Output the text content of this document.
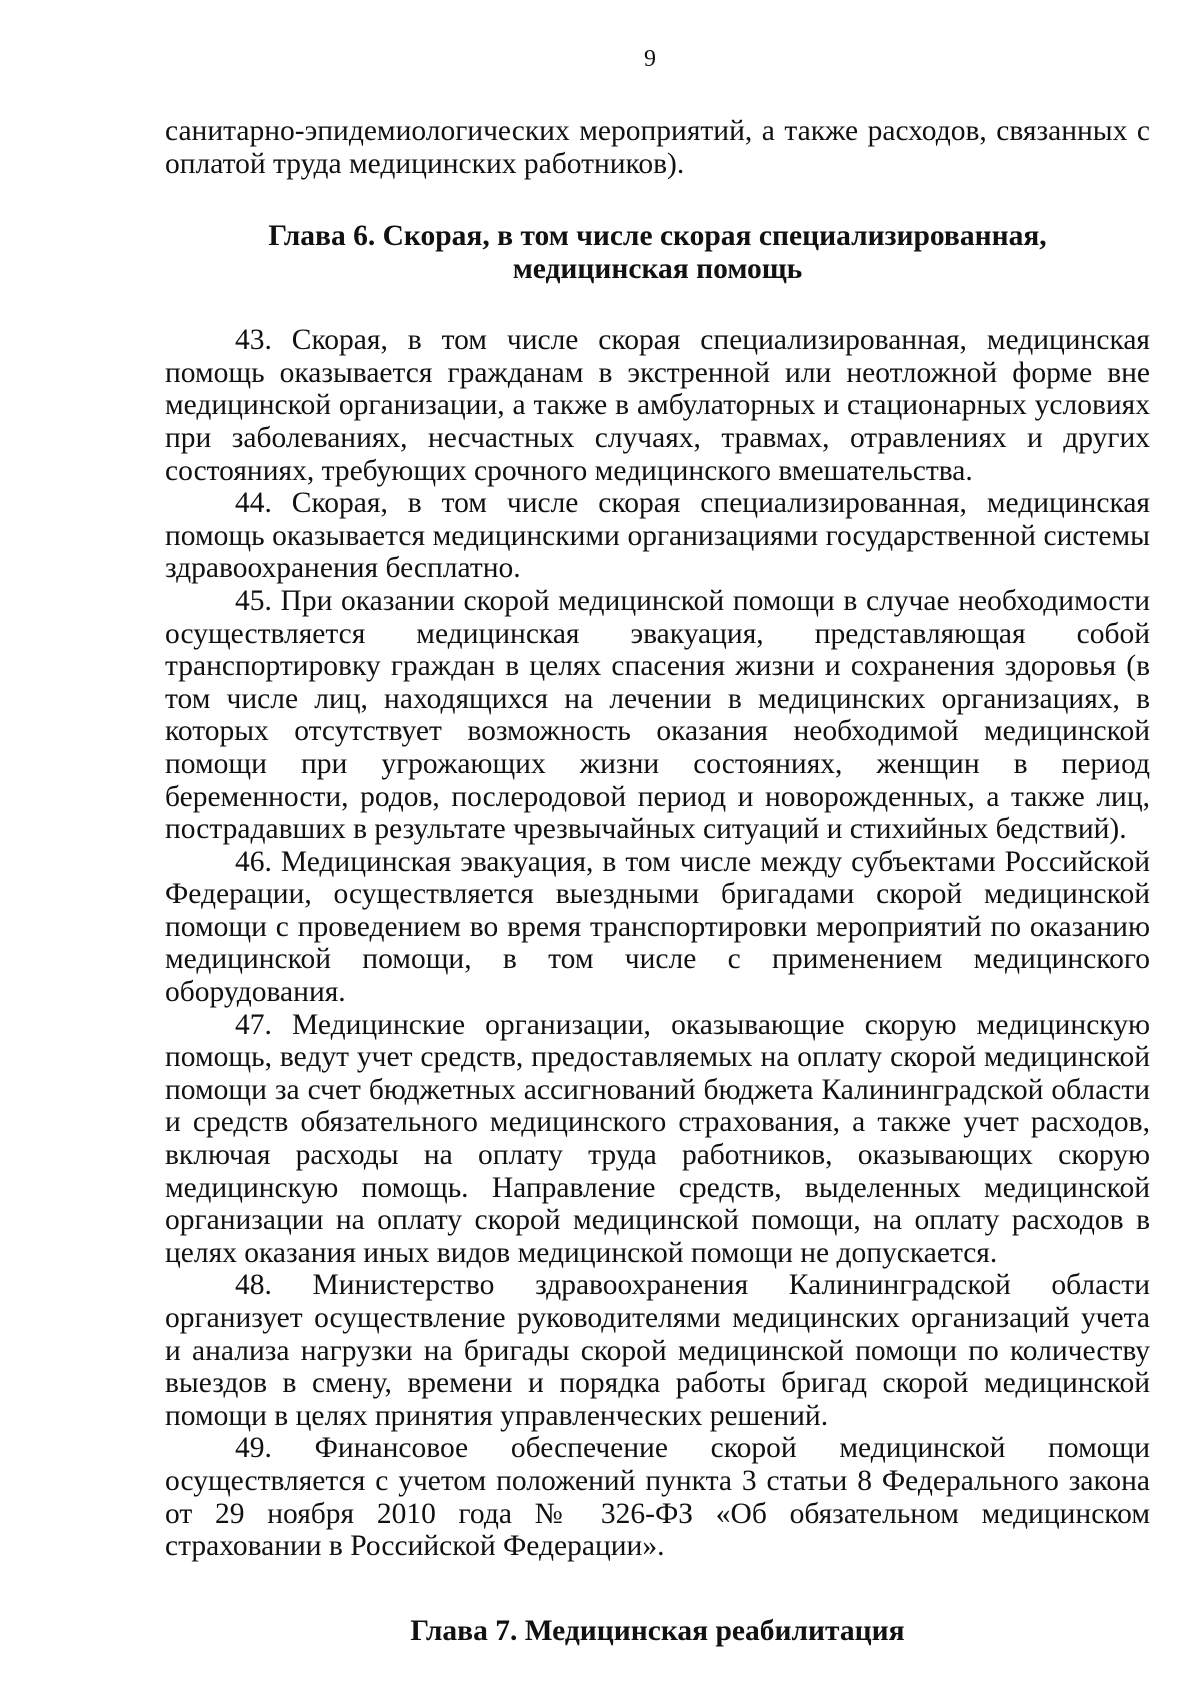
9

санитарно-эпидемиологических мероприятий, а также расходов, связанных с оплатой труда медицинских работников).

Глава 6. Скорая, в том числе скорая специализированная,
медицинская помощь

43. Скорая, в том числе скорая специализированная, медицинская помощь оказывается гражданам в экстренной или неотложной форме вне медицинской организации, а также в амбулаторных и стационарных условиях при заболеваниях, несчастных случаях, травмах, отравлениях и других состояниях, требующих срочного медицинского вмешательства.

44. Скорая, в том числе скорая специализированная, медицинская помощь оказывается медицинскими организациями государственной системы здравоохранения бесплатно.

45. При оказании скорой медицинской помощи в случае необходимости осуществляется медицинская эвакуация, представляющая собой транспортировку граждан в целях спасения жизни и сохранения здоровья (в том числе лиц, находящихся на лечении в медицинских организациях, в которых отсутствует возможность оказания необходимой медицинской помощи при угрожающих жизни состояниях, женщин в период беременности, родов, послеродовой период и новорожденных, а также лиц, пострадавших в результате чрезвычайных ситуаций и стихийных бедствий).

46. Медицинская эвакуация, в том числе между субъектами Российской Федерации, осуществляется выездными бригадами скорой медицинской помощи с проведением во время транспортировки мероприятий по оказанию медицинской помощи, в том числе с применением медицинского оборудования.

47. Медицинские организации, оказывающие скорую медицинскую помощь, ведут учет средств, предоставляемых на оплату скорой медицинской помощи за счет бюджетных ассигнований бюджета Калининградской области и средств обязательного медицинского страхования, а также учет расходов, включая расходы на оплату труда работников, оказывающих скорую медицинскую помощь. Направление средств, выделенных медицинской организации на оплату скорой медицинской помощи, на оплату расходов в целях оказания иных видов медицинской помощи не допускается.

48. Министерство здравоохранения Калининградской области организует осуществление руководителями медицинских организаций учета и анализа нагрузки на бригады скорой медицинской помощи по количеству выездов в смену, времени и порядка работы бригад скорой медицинской помощи в целях принятия управленческих решений.

49. Финансовое обеспечение скорой медицинской помощи осуществляется с учетом положений пункта 3 статьи 8 Федерального закона от 29 ноября 2010 года № 326-ФЗ «Об обязательном медицинском страховании в Российской Федерации».

Глава 7. Медицинская реабилитация
